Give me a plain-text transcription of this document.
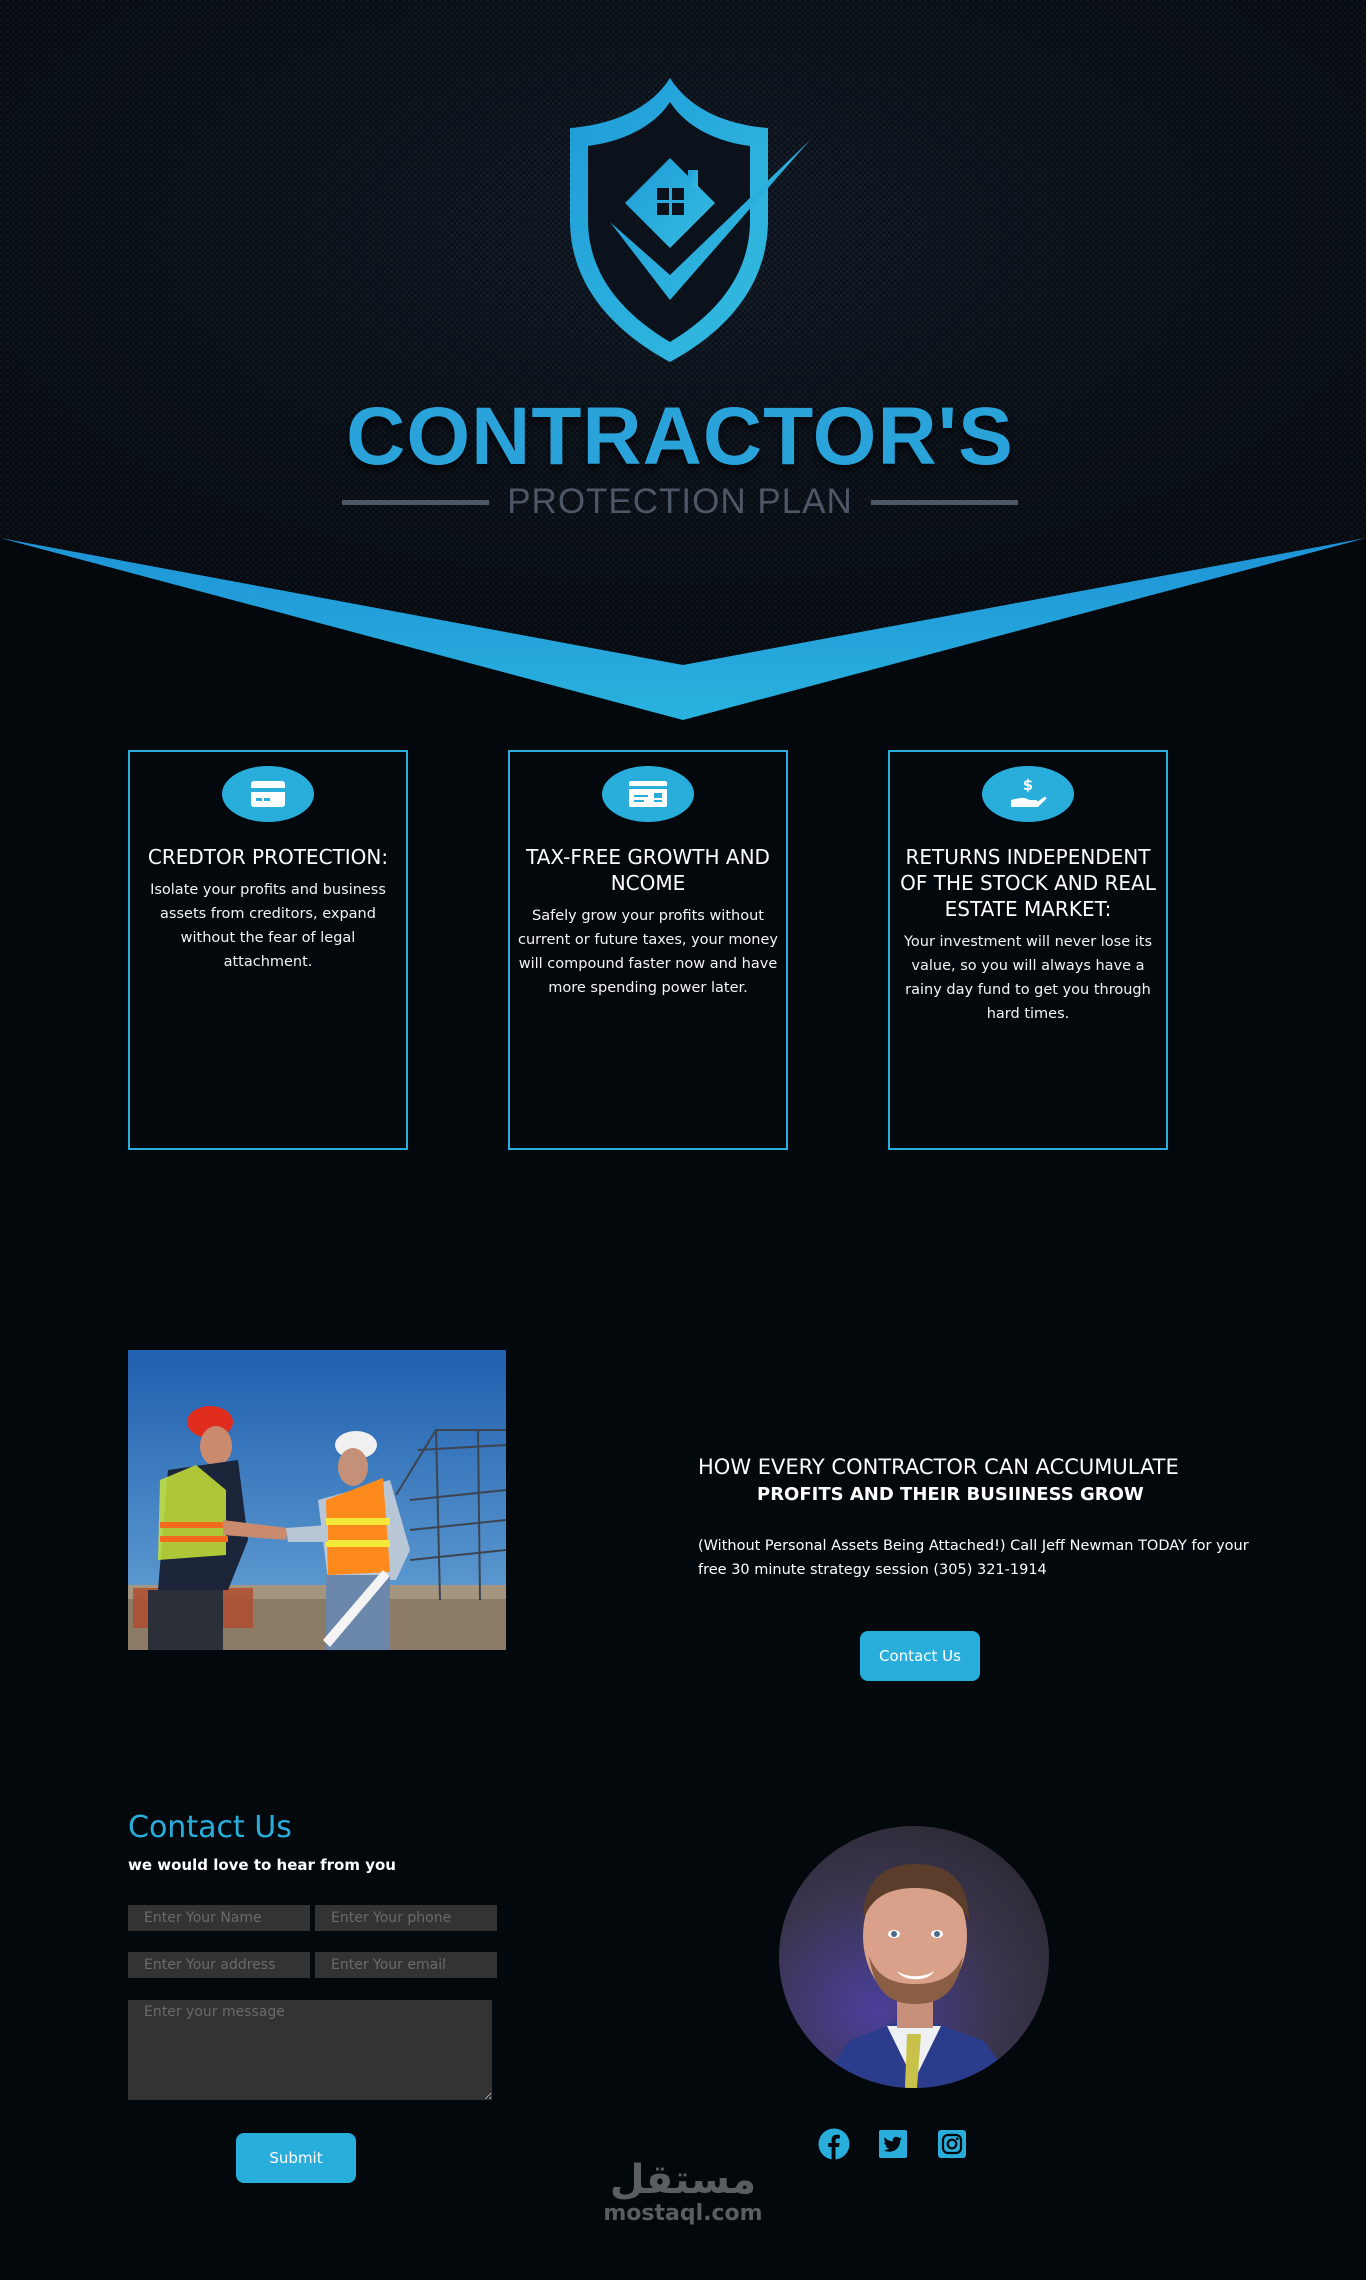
CONTRACTOR'S
PROTECTION PLAN
CREDTOR PROTECTION:

Isolate your profits and business assets from creditors, expand without the fear of legal attachment.

TAX-FREE GROWTH AND NCOME

Safely grow your profits without current or future taxes, your money will compound faster now and have more spending power later.

$
RETURNS INDEPENDENT OF THE STOCK AND REAL ESTATE MARKET:

Your investment will never lose its value, so you will always have a rainy day fund to get you through hard times.

HOW EVERY CONTRACTOR CAN ACCUMULATE
PROFITS AND THEIR BUSIINESS GROW

(Without Personal Assets Being Attached!) Call Jeff Newman TODAY for your free 30 minute strategy session (305) 321-1914

Contact Us
Contact Us

we would love to hear from you

Enter Your Name
Enter Your phone
Enter Your address
Enter Your email
Enter your message
Submit	مستقل
mostaql.com
